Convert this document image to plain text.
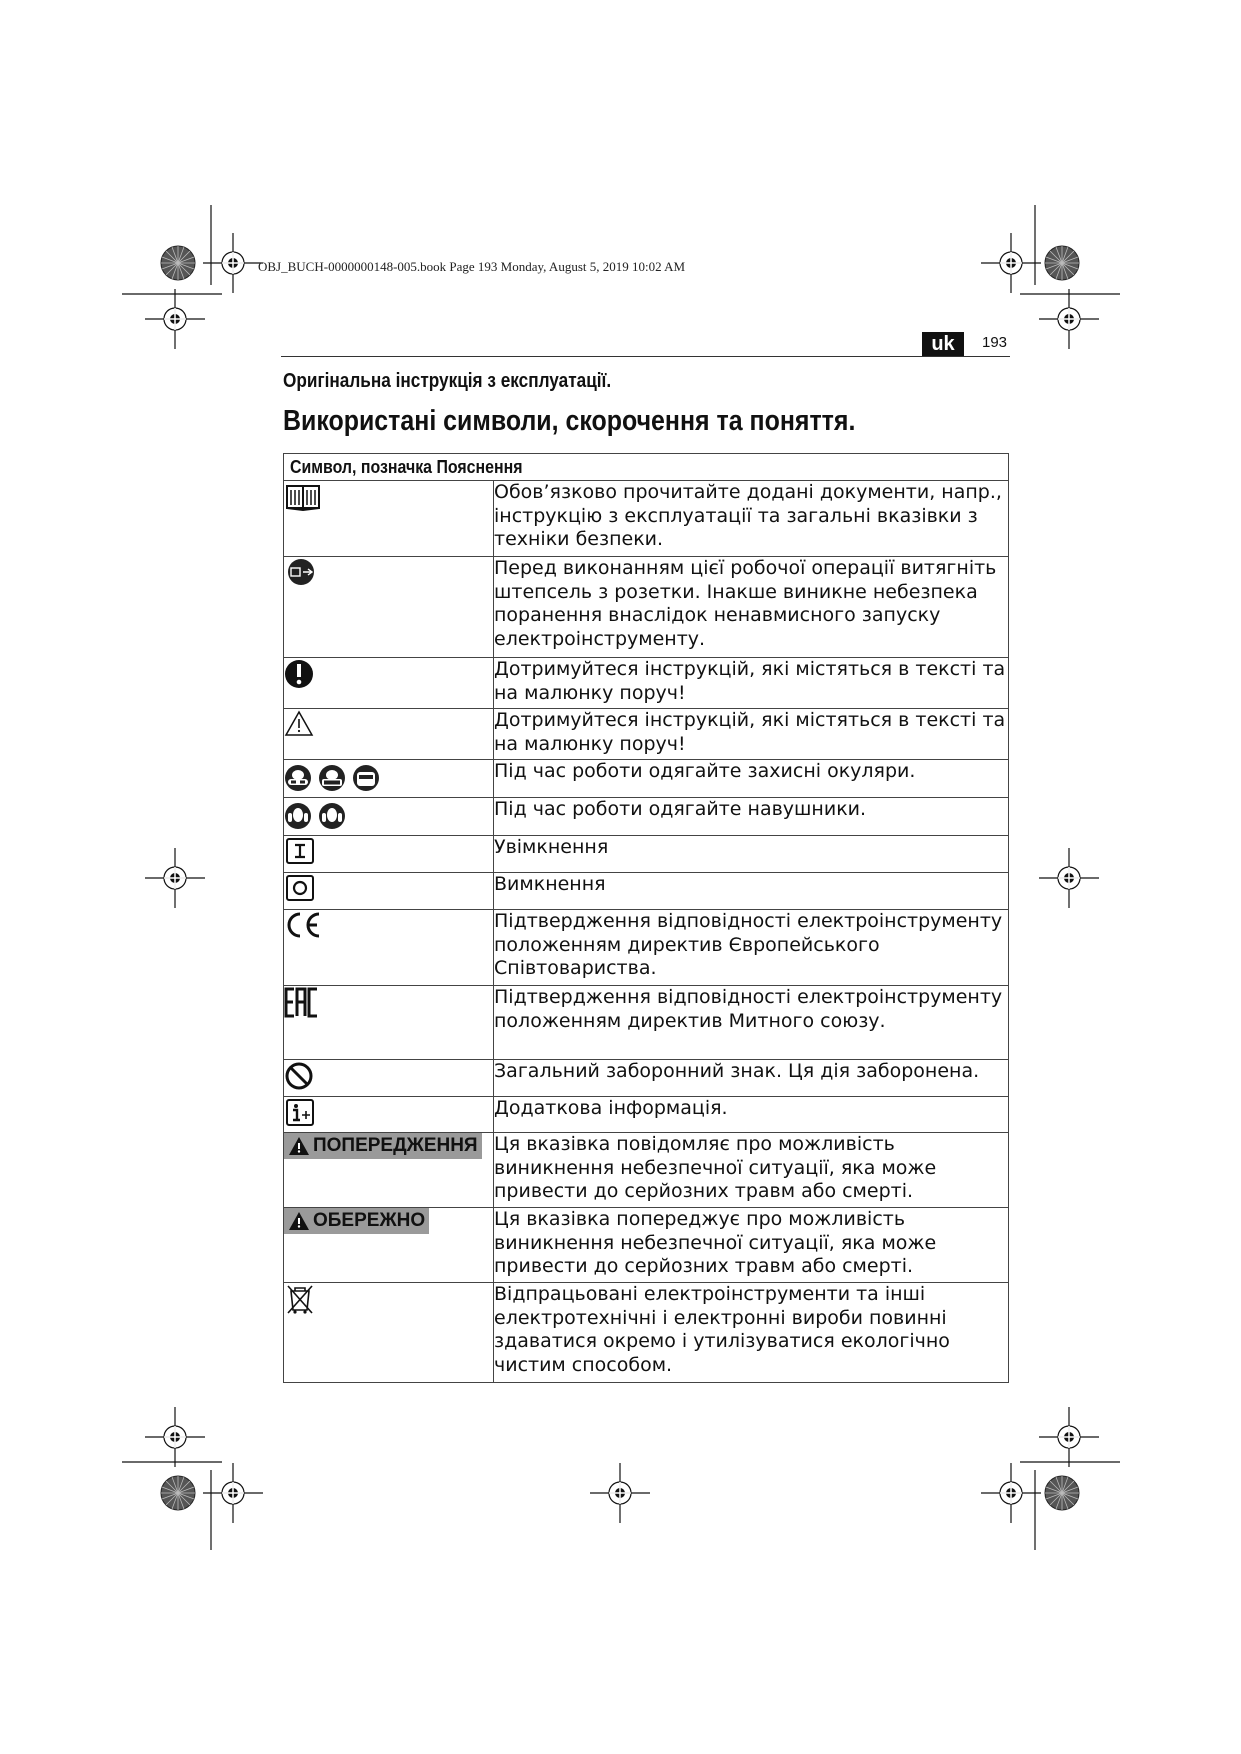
OBJ_BUCH-0000000148-005.book Page 193 Monday, August 5, 2019 10:02 AM
uk	193
Оригінальна інструкція з експлуатації.
Використані символи, скорочення та поняття.
Символ, позначка Пояснення	

	Обов’язково прочитайте додані документи, напр., інструкцію з експлуатації та загальні вказівки з техніки безпеки.

	Перед виконанням цієї робочої операції витягніть штепсель з розетки. Інакше виникне небезпека поранення внаслідок ненавмисного запуску електроінструменту.

	Дотримуйтеся інструкцій, які містяться в тексті та на малюнку поруч!

	Дотримуйтеся інструкцій, які містяться в тексті та на малюнку поруч!
	Під час роботи одягайте захисні окуляри.
	Під час роботи одягайте навушники.

	Увімкнення

	Вимкнення

	Підтвердження відповідності електроінструменту положенням директив Європейського Співтовариства.

	Підтвердження відповідності електроінструменту положенням директив Митного союзу.

	Загальний заборонний знак. Ця дія заборонена.

	Додаткова інформація.

ПОПЕРЕДЖЕННЯ	Ця вказівка повідомляє про можливість виникнення небезпечної ситуації, яка може привести до серйозних травм або смерті.

ОБЕРЕЖНО	Ця вказівка попереджує про можливість виникнення небезпечної ситуації, яка може привести до серйозних травм або смерті.

	Відпрацьовані електроінструменти та інші електротехнічні і електронні вироби повинні здаватися окремо і утилізуватися екологічно чистим способом.
